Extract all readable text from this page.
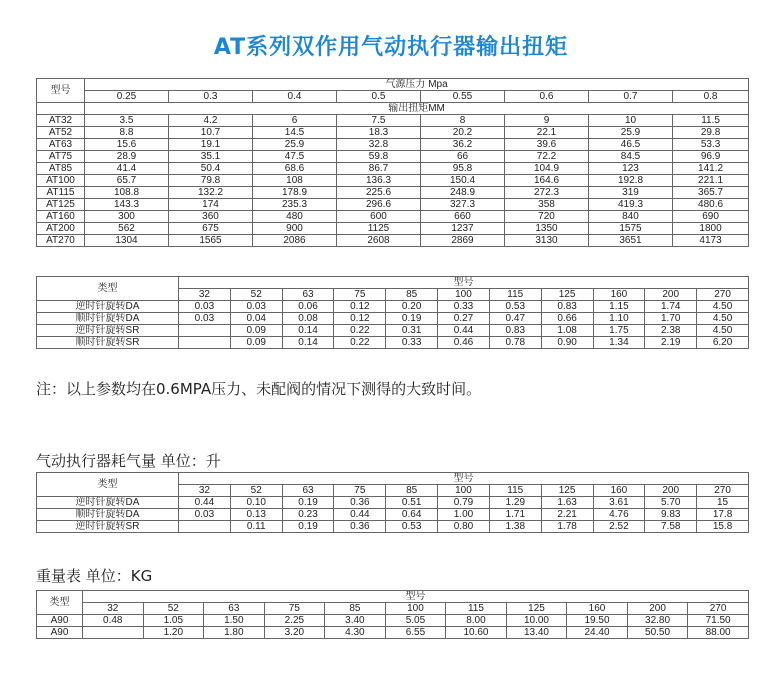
AT系列双作用气动执行器输出扭矩
型号	气源压力 Mpa							
	0.25	0.3	0.4	0.5	0.55	0.6	0.7	0.8
	输出扭矩MM							
AT32	3.5	4.2	6	7.5	8	9	10	11.5
AT52	8.8	10.7	14.5	18.3	20.2	22.1	25.9	29.8
AT63	15.6	19.1	25.9	32.8	36.2	39.6	46.5	53.3
AT75	28.9	35.1	47.5	59.8	66	72.2	84.5	96.9
AT85	41.4	50.4	68.6	86.7	95.8	104.9	123	141.2
AT100	65.7	79.8	108	136.3	150.4	164.6	192.8	221.1
AT115	108.8	132.2	178.9	225.6	248.9	272.3	319	365.7
AT125	143.3	174	235.3	296.6	327.3	358	419.3	480.6
AT160	300	360	480	600	660	720	840	690
AT200	562	675	900	1125	1237	1350	1575	1800
AT270	1304	1565	2086	2608	2869	3130	3651	4173
类型	型号										
	32	52	63	75	85	100	115	125	160	200	270
逆时针旋转DA	0.03	0.03	0.06	0.12	0.20	0.33	0.53	0.83	1.15	1.74	4.50
顺时针旋转DA	0.03	0.04	0.08	0.12	0.19	0.27	0.47	0.66	1.10	1.70	4.50
逆时针旋转SR		0.09	0.14	0.22	0.31	0.44	0.83	1.08	1.75	2.38	4.50
顺时针旋转SR		0.09	0.14	0.22	0.33	0.46	0.78	0.90	1.34	2.19	6.20

注：以上参数均在0.6MPA压力、未配阀的情况下测得的大致时间。

气动执行器耗气量 单位：升

类型	型号										
	32	52	63	75	85	100	115	125	160	200	270
逆时针旋转DA	0.44	0.10	0.19	0.36	0.51	0.79	1.29	1.63	3.61	5.70	15
顺时针旋转DA	0.03	0.13	0.23	0.44	0.64	1.00	1.71	2.21	4.76	9.83	17.8
逆时针旋转SR		0.11	0.19	0.36	0.53	0.80	1.38	1.78	2.52	7.58	15.8

重量表 单位：KG

类型	型号										
	32	52	63	75	85	100	115	125	160	200	270
A90	0.48	1.05	1.50	2.25	3.40	5.05	8.00	10.00	19.50	32.80	71.50
A90		1.20	1.80	3.20	4.30	6.55	10.60	13.40	24.40	50.50	88.00
